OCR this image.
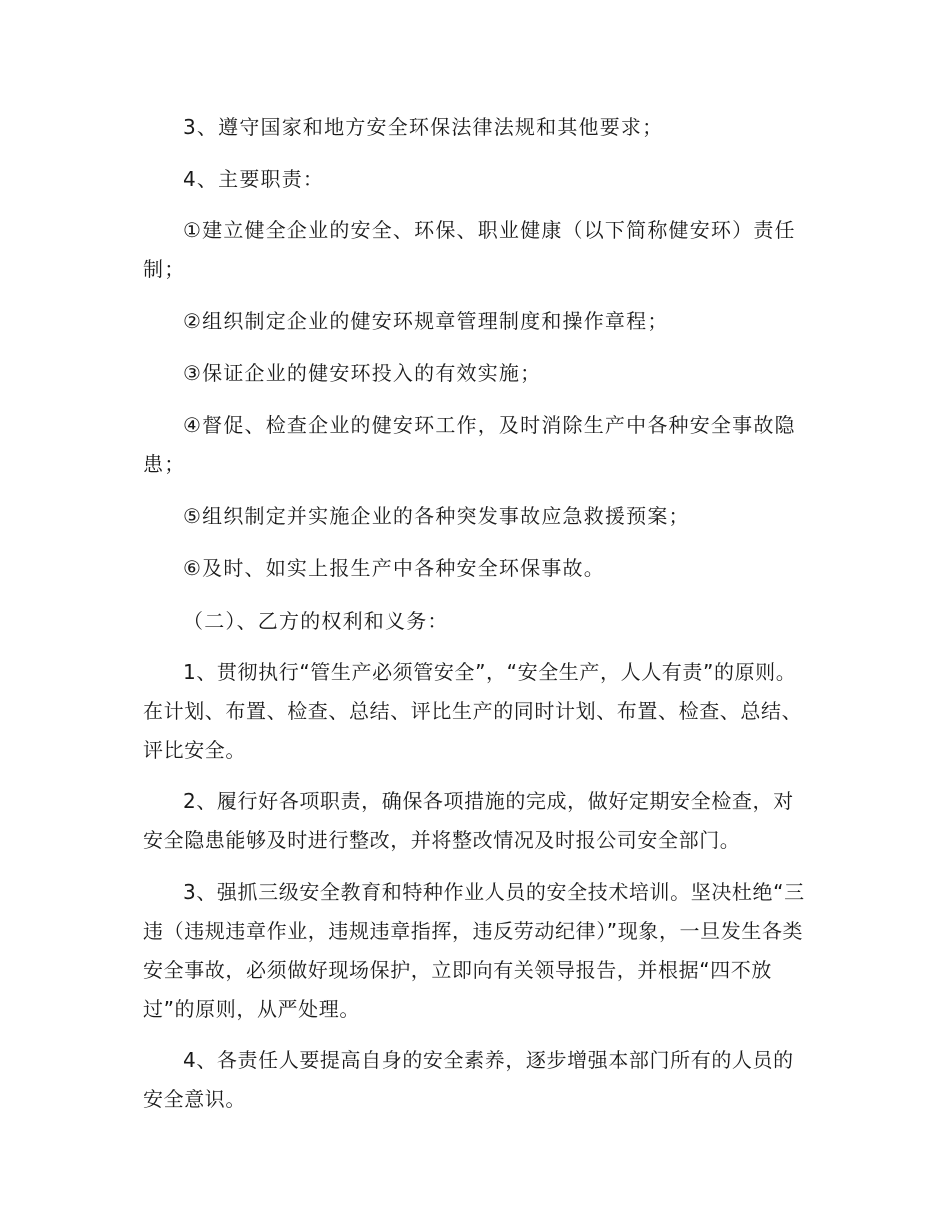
3、遵守国家和地方安全环保法律法规和其他要求；

4、主要职责：

①建立健全企业的安全、环保、职业健康（以下简称健安环）责任制；

②组织制定企业的健安环规章管理制度和操作章程；

③保证企业的健安环投入的有效实施；

④督促、检查企业的健安环工作，及时消除生产中各种安全事故隐患；

⑤组织制定并实施企业的各种突发事故应急救援预案；

⑥及时、如实上报生产中各种安全环保事故。

（二）、乙方的权利和义务：

1、贯彻执行“管生产必须管安全”，“安全生产，人人有责”的原则。在计划、布置、检查、总结、评比生产的同时计划、布置、检查、总结、评比安全。

2、履行好各项职责，确保各项措施的完成，做好定期安全检查，对安全隐患能够及时进行整改，并将整改情况及时报公司安全部门。

3、强抓三级安全教育和特种作业人员的安全技术培训。坚决杜绝“三违（违规违章作业，违规违章指挥，违反劳动纪律）”现象，一旦发生各类安全事故，必须做好现场保护，立即向有关领导报告，并根据“四不放过”的原则，从严处理。

4、各责任人要提高自身的安全素养，逐步增强本部门所有的人员的安全意识。
